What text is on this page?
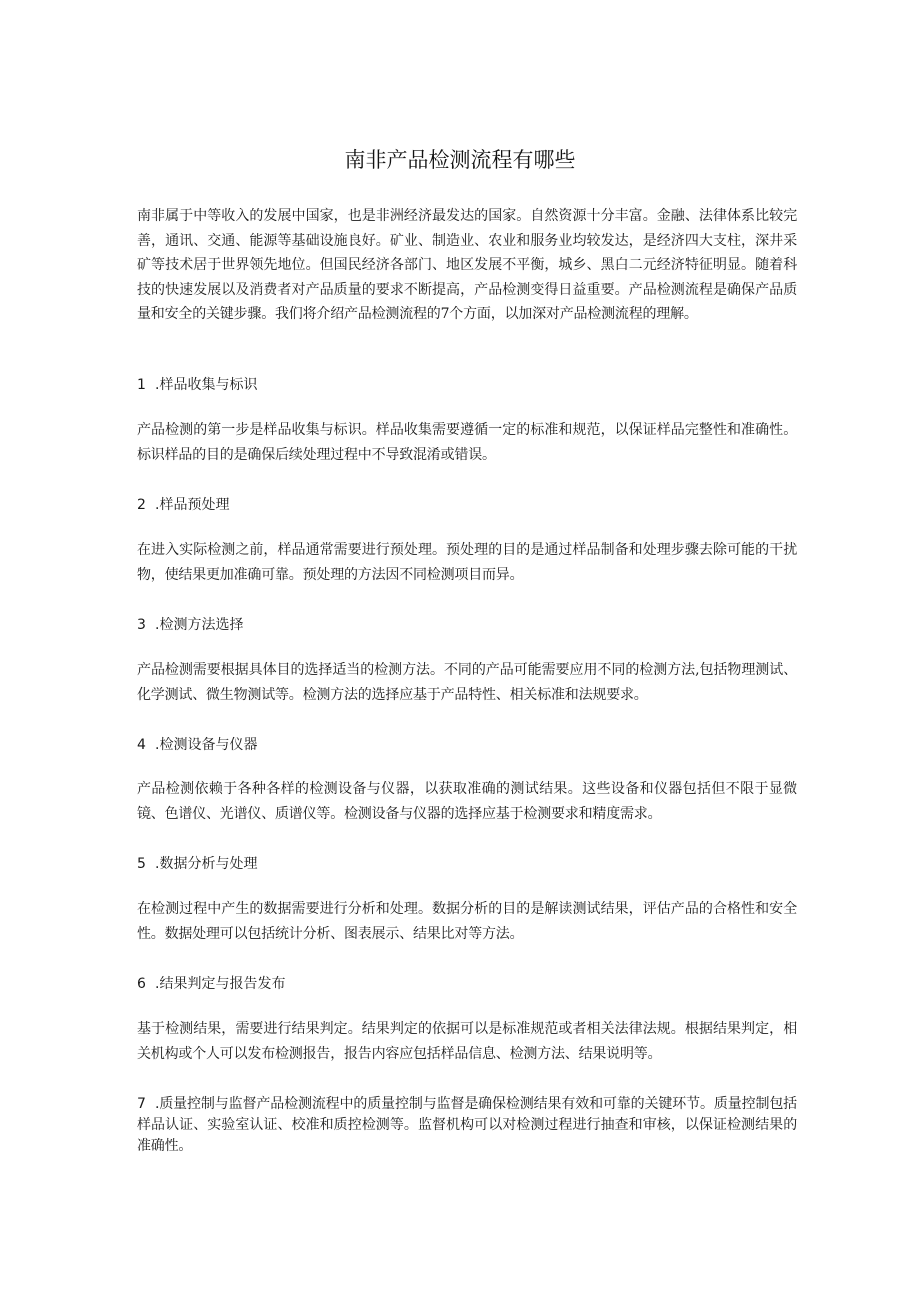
南非产品检测流程有哪些

南非属于中等收入的发展中国家，也是非洲经济最发达的国家。自然资源十分丰富。金融、法律体系比较完善，通讯、交通、能源等基础设施良好。矿业、制造业、农业和服务业均较发达，是经济四大支柱，深井采矿等技术居于世界领先地位。但国民经济各部门、地区发展不平衡，城乡、黑白二元经济特征明显。随着科技的快速发展以及消费者对产品质量的要求不断提高，产品检测变得日益重要。产品检测流程是确保产品质量和安全的关键步骤。我们将介绍产品检测流程的7个方面，以加深对产品检测流程的理解。

1 .样品收集与标识

产品检测的第一步是样品收集与标识。样品收集需要遵循一定的标准和规范，以保证样品完整性和准确性。标识样品的目的是确保后续处理过程中不导致混淆或错误。

2 .样品预处理

在进入实际检测之前，样品通常需要进行预处理。预处理的目的是通过样品制备和处理步骤去除可能的干扰物，使结果更加准确可靠。预处理的方法因不同检测项目而异。

3 .检测方法选择

产品检测需要根据具体目的选择适当的检测方法。不同的产品可能需要应用不同的检测方法,包括物理测试、化学测试、微生物测试等。检测方法的选择应基于产品特性、相关标准和法规要求。

4 .检测设备与仪器

产品检测依赖于各种各样的检测设备与仪器，以获取准确的测试结果。这些设备和仪器包括但不限于显微镜、色谱仪、光谱仪、质谱仪等。检测设备与仪器的选择应基于检测要求和精度需求。

5 .数据分析与处理

在检测过程中产生的数据需要进行分析和处理。数据分析的目的是解读测试结果，评估产品的合格性和安全性。数据处理可以包括统计分析、图表展示、结果比对等方法。

6 .结果判定与报告发布

基于检测结果，需要进行结果判定。结果判定的依据可以是标准规范或者相关法律法规。根据结果判定，相关机构或个人可以发布检测报告，报告内容应包括样品信息、检测方法、结果说明等。

7 .质量控制与监督产品检测流程中的质量控制与监督是确保检测结果有效和可靠的关键环节。质量控制包括样品认证、实验室认证、校准和质控检测等。监督机构可以对检测过程进行抽查和审核，以保证检测结果的准确性。
